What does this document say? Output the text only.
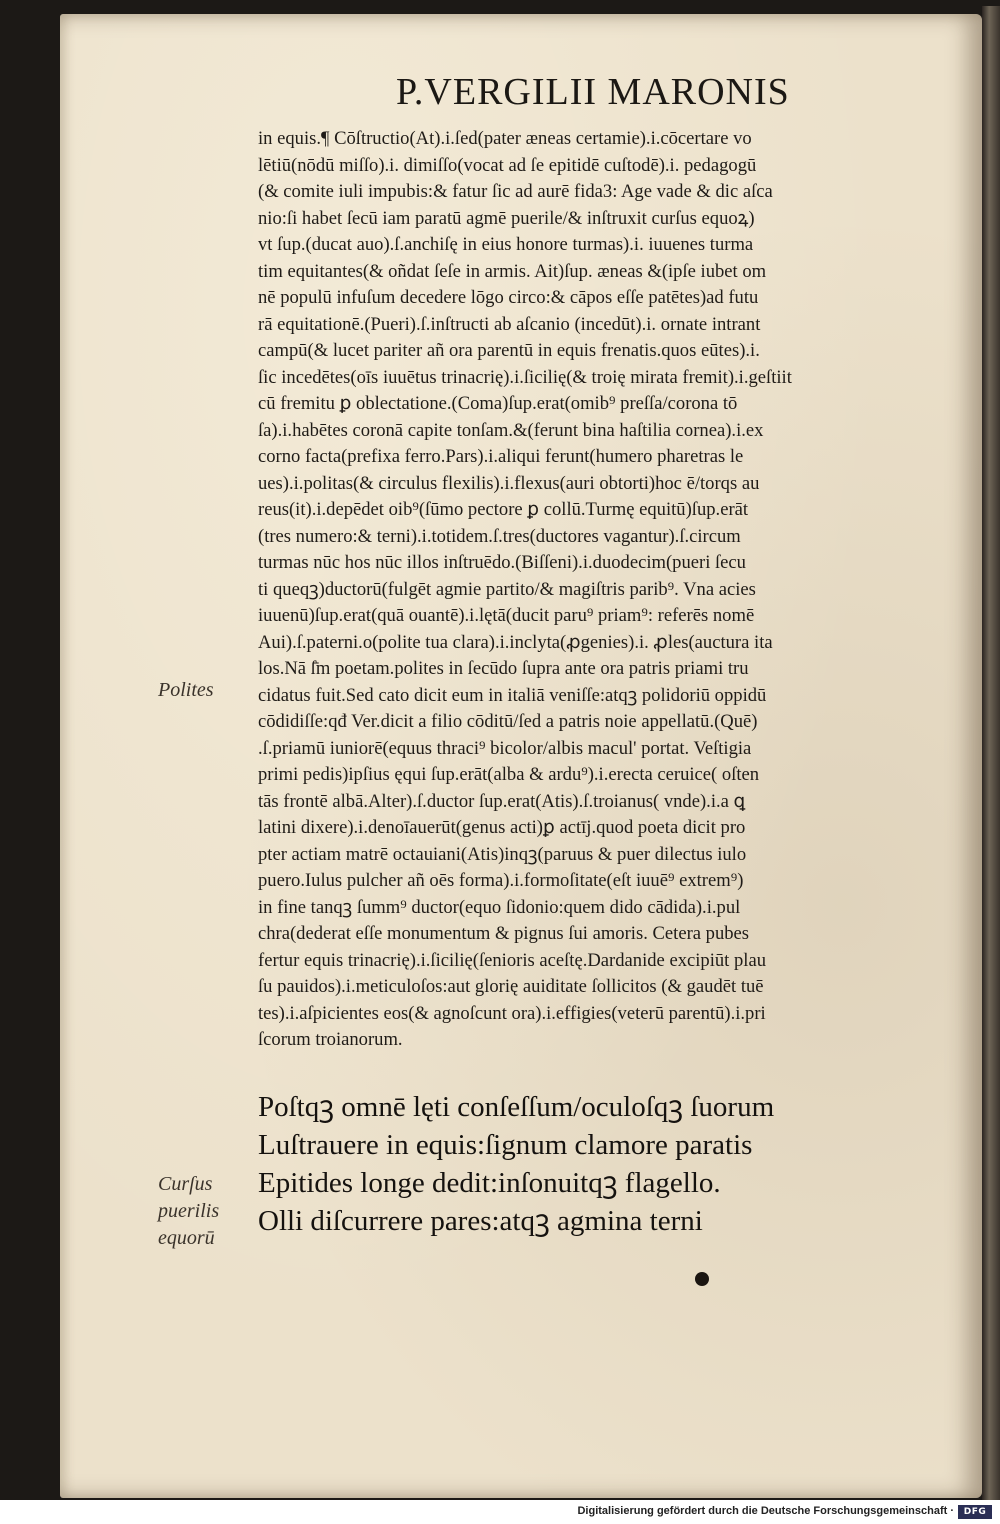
P.VERGILII MARONIS
in equis.¶ Cōſtructio(At).i.ſed(pater æneas certamie).i.cōcertare vo
lētiū(nōdū miſſo).i. dimiſſo(vocat ad ſe epitidē cuſtodē).i. pedagogū
(& comite iuli impubis:& fatur ſic ad aurē fida3: Age vade & dic aſca
nio:ſi habet ſecū iam paratū agmē puerile/& inſtruxit curſus equoꝝ)
vt ſup.(ducat auo).ſ.anchiſę in eius honore turmas).i. iuuenes turma
tim equitantes(& oñdat ſeſe in armis. Ait)ſup. æneas &(ipſe iubet om
nē populū infuſum decedere lōgo circo:& cāpos eſſe patētes)ad futu
rā equitationē.(Pueri).ſ.inſtructi ab aſcanio (incedūt).i. ornate intrant
campū(& lucet pariter añ ora parentū in equis frenatis.quos eūtes).i.
ſic incedētes(oīs iuuētus trinacrię).i.ſicilię(& troię mirata fremit).i.geſtiit
cū fremitu ꝑ oblectatione.(Coma)ſup.erat(omib⁹ preſſa/corona tō
ſa).i.habētes coronā capite tonſam.&(ferunt bina haſtilia cornea).i.ex
corno facta(prefixa ferro.Pars).i.aliqui ferunt(humero pharetras le
ues).i.politas(& circulus flexilis).i.flexus(auri obtorti)hoc ē/torqs au
reus(it).i.depēdet oib⁹(ſūmo pectore ꝑ collū.Turmę equitū)ſup.erāt
(tres numero:& terni).i.totidem.ſ.tres(ductores vagantur).ſ.circum
turmas nūc hos nūc illos inſtruēdo.(Biſſeni).i.duodecim(pueri ſecu
ti queqꝫ)ductorū(fulgēt agmie partito/& magiſtris parib⁹. Vna acies
iuuenū)ſup.erat(quā ouantē).i.lętā(ducit paru⁹ priam⁹: referēs nomē
Aui).ſ.paterni.o(polite tua clara).i.inclyta(ꝓgenies).i. ꝓles(auctura ita
los.Nā ſ̄m poetam.polites in ſecūdo ſupra ante ora patris priami tru
cidatus fuit.Sed cato dicit eum in italiā veniſſe:atqꝫ polidoriū oppidū
cōdidiſſe:qđ Ver.dicit a filio cōditū/ſed a patris noie appellatū.(Quē)
.ſ.priamū iuniorē(equus thraci⁹ bicolor/albis macul' portat. Veſtigia
primi pedis)ipſius ęqui ſup.erāt(alba & ardu⁹).i.erecta ceruice( oſten
tās frontē albā.Alter).ſ.ductor ſup.erat(Atis).ſ.troianus( vnde).i.a ꝗ
latini dixere).i.denoīauerūt(genus acti)ꝑ actīj.quod poeta dicit pro
pter actiam matrē octauiani(Atis)inqꝫ(paruus & puer dilectus iulo
puero.Iulus pulcher añ oēs forma).i.formoſitate(eſt iuuē⁹ extrem⁹)
in fine tanqꝫ ſumm⁹ ductor(equo ſidonio:quem dido cādida).i.pul
chra(dederat eſſe monumentum & pignus ſui amoris. Cetera pubes
fertur equis trinacrię).i.ſicilię(ſenioris aceſtę.Dardanide excipiūt plau
ſu pauidos).i.meticuloſos:aut glorię auiditate ſollicitos (& gaudēt tuē
tes).i.aſpicientes eos(& agnoſcunt ora).i.effigies(veterū parentū).i.pri
ſcorum troianorum.
Poſtqꝫ omnē lęti conſeſſum/oculoſqꝫ ſuorum
Luſtrauere in equis:ſignum clamore paratis
Epitides longe dedit:inſonuitqꝫ flagello.
Olli diſcurrere pares:atqꝫ agmina terni
Polites
Curſus
puerilis
equorū
Digitalisierung gefördert durch die Deutsche Forschungsgemeinschaft ·	DFG
